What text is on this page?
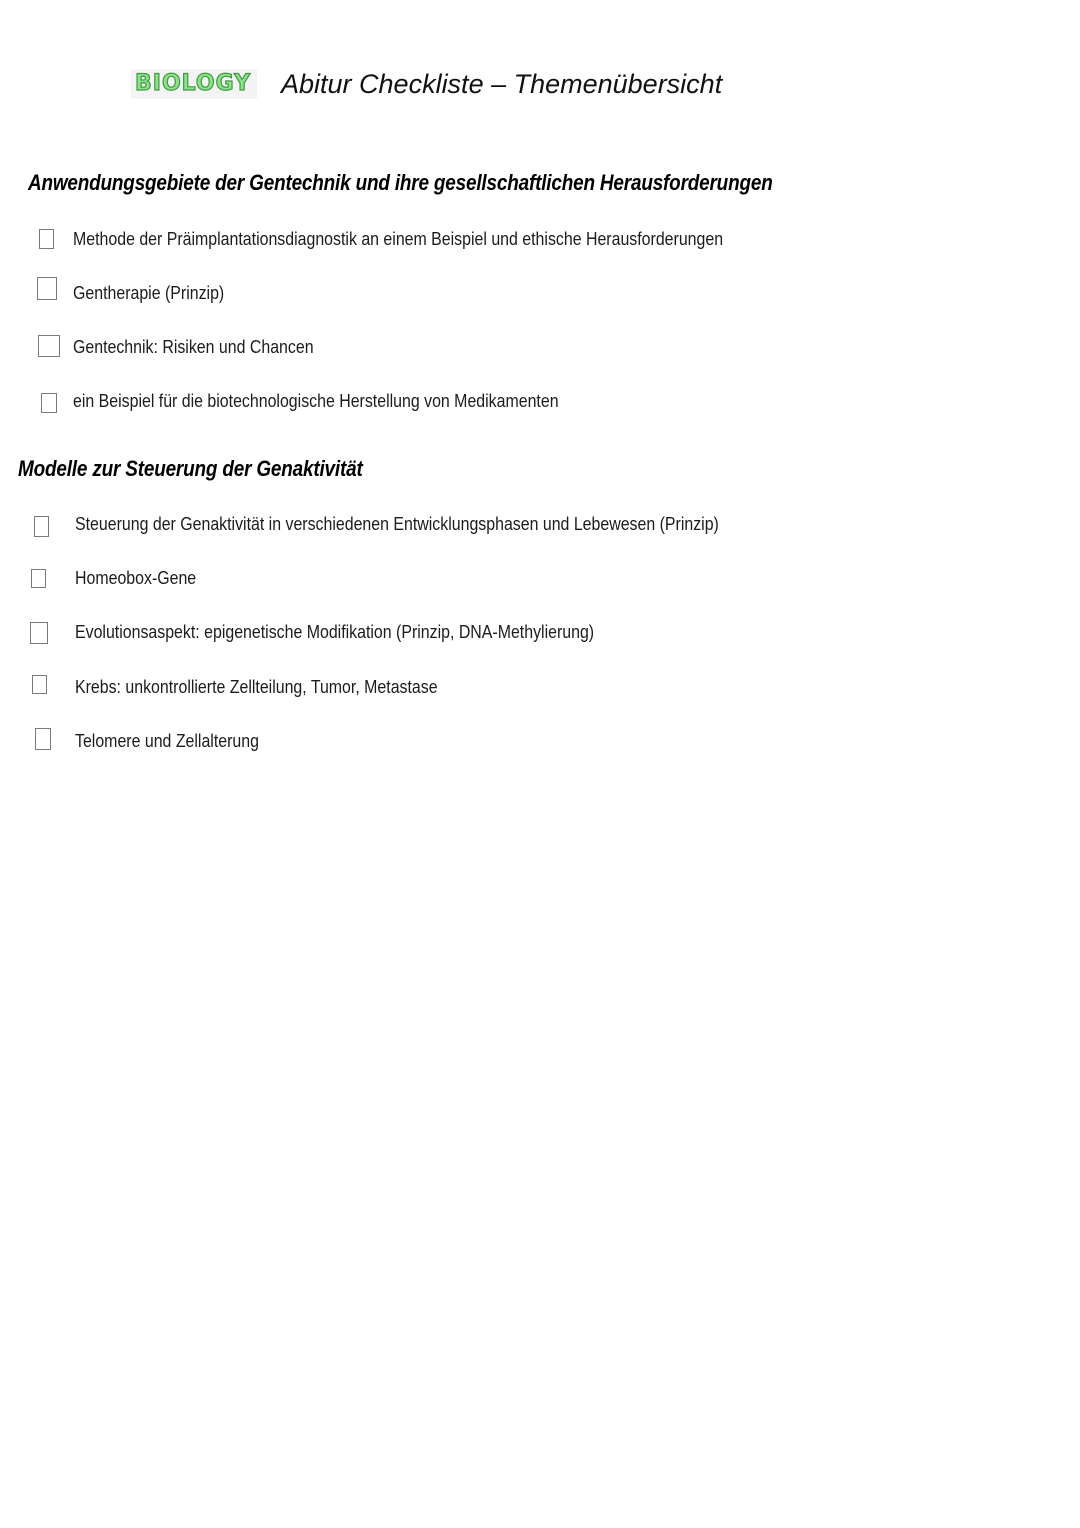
BIOLOGY Abitur Checkliste – Themenübersicht
Anwendungsgebiete der Gentechnik und ihre gesellschaftlichen Herausforderungen
Methode der Präimplantationsdiagnostik an einem Beispiel und ethische Herausforderungen
Gentherapie (Prinzip)
Gentechnik: Risiken und Chancen
ein Beispiel für die biotechnologische Herstellung von Medikamenten
Modelle zur Steuerung der Genaktivität
Steuerung der Genaktivität in verschiedenen Entwicklungsphasen und Lebewesen (Prinzip)
Homeobox-Gene
Evolutionsaspekt: epigenetische Modifikation (Prinzip, DNA-Methylierung)
Krebs: unkontrollierte Zellteilung, Tumor, Metastase
Telomere und Zellalterung
